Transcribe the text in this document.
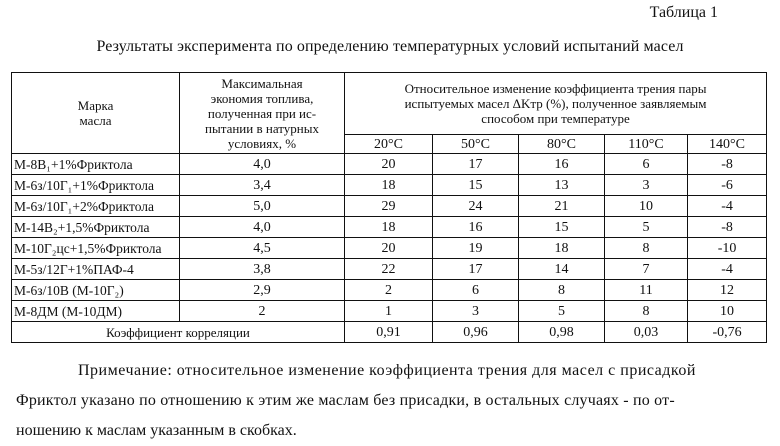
Таблица 1
Результаты эксперимента по определению температурных условий испытаний масел
Марка
масла	Максимальная
экономия топлива,
полученная при ис-
пытании в натурных
условиях, %	Относительное изменение коэффициента трения пары
испытуемых масел ΔKтр (%), полученное заявляемым
способом при температуре				

		20°C	50°C	80°C	110°C	140°C
М-8В₁+1%Фриктола	4,0	20	17	16	6	-8
М-6з/10Г₁+1%Фриктола	3,4	18	15	13	3	-6
М-6з/10Г₁+2%Фриктола	5,0	29	24	21	10	-4
М-14В₂+1,5%Фриктола	4,0	18	16	15	5	-8
М-10Г₂цс+1,5%Фриктола	4,5	20	19	18	8	-10
М-5з/12Г+1%ПАФ-4	3,8	22	17	14	7	-4
М-6з/10В (М-10Г₂)	2,9	2	6	8	11	12
М-8ДМ (М-10ДМ)	2	1	3	5	8	10
Коэффициент корреляции		0,91	0,96	0,98	0,03	-0,76
Примечание: относительное изменение коэффициента трения для масел с присадкой
Фриктол указано по отношению к этим же маслам без присадки, в остальных случаях - по от-
ношению к маслам указанным в скобках.
